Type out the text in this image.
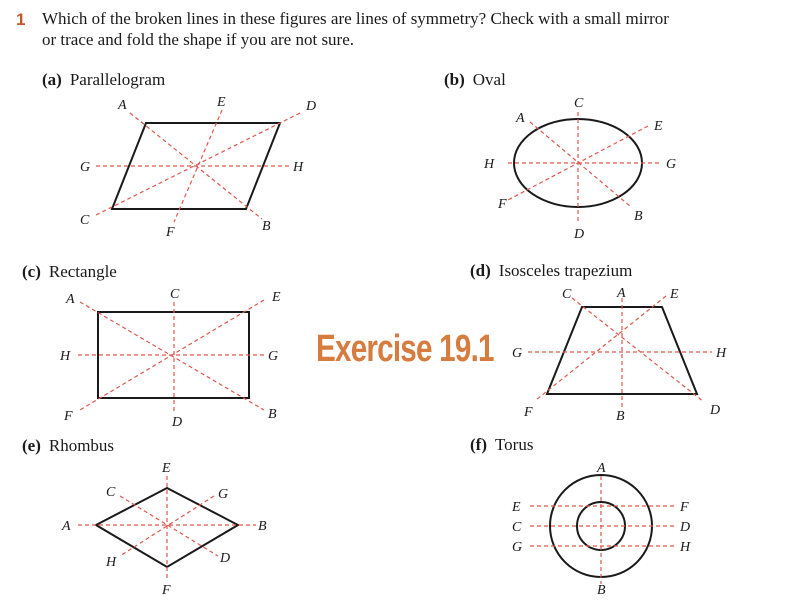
1 Which of the broken lines in these figures are lines of symmetry? Check with a small mirror
or trace and fold the shape if you are not sure.
(a) Parallelogram	(b) Oval
(c) Rectangle	(d) Isosceles trapezium
(e) Rhombus	(f) Torus
Exercise 19.1
A	E	D
G	H
C
F	B
A
C
E
H	G
F
B
D
A	C	E
H	G
F	D
B
C	A	E
G	H
F	B	D
E
C	G
A	B
H	D
F
A
E	F
C	D
G	H
B
